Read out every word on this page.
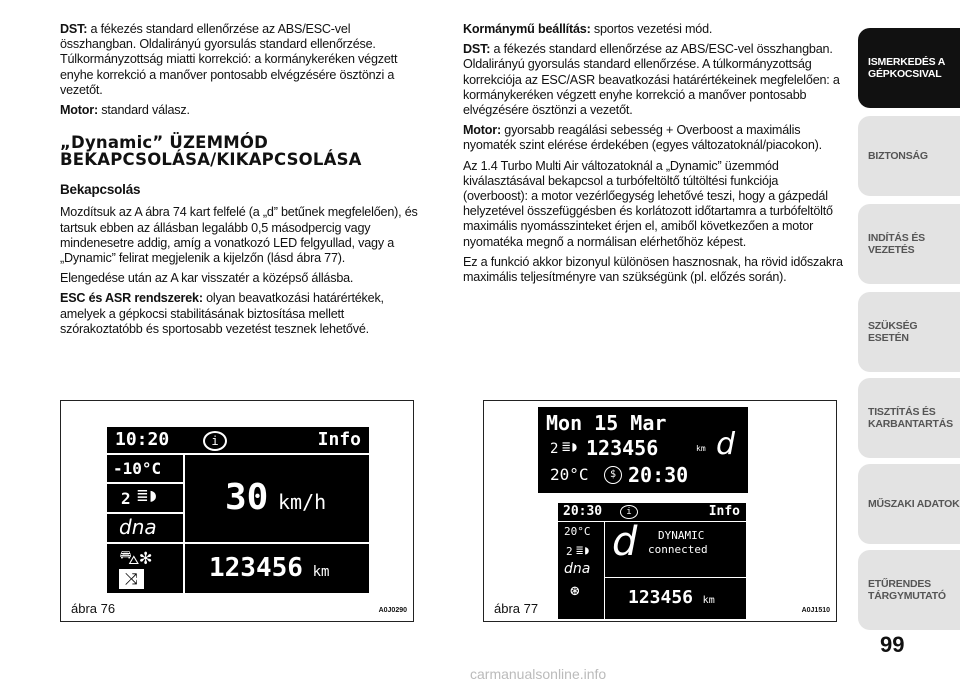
DST: a fékezés standard ellenőrzése az ABS/ESC-vel összhangban. Oldalirányú gyorsulás standard ellenőrzése. Túlkormányzottság miatti korrekció: a kormánykeréken végzett enyhe korrekció a manőver pontosabb elvégzésére ösztönzi a vezetőt.

Motor: standard válasz.

„Dynamic” ÜZEMMÓD BEKAPCSOLÁSA/KIKAPCSOLÁSA
Bekapcsolás

Mozdítsuk az A ábra 74 kart felfelé (a „d” betűnek megfelelően), és tartsuk ebben az állásban legalább 0,5 másodpercig vagy mindenesetre addig, amíg a vonatkozó LED felgyullad, vagy a „Dynamic” felirat megjelenik a kijelzőn (lásd ábra 77).

Elengedése után az A kar visszatér a középső állásba.

ESC és ASR rendszerek: olyan beavatkozási határértékek, amelyek a gépkocsi stabilitásának biztosítása mellett szórakoztatóbb és sportosabb vezetést tesznek lehetővé.

Kormánymű beállítás: sportos vezetési mód.

DST: a fékezés standard ellenőrzése az ABS/ESC-vel összhangban. Oldalirányú gyorsulás standard ellenőrzése. A túlkormányzottság korrekciója az ESC/ASR beavatkozási határértékeinek megfelelően: a kormánykeréken végzett enyhe korrekció a manőver pontosabb elvégzésére ösztönzi a vezetőt.

Motor: gyorsabb reagálási sebesség + Overboost a maximális nyomaték szint elérése érdekében (egyes változatoknál/piacokon).

Az 1.4 Turbo Multi Air változatoknál a „Dynamic” üzemmód kiválasztásával bekapcsol a turbófeltöltő túltöltési funkciója (overboost): a motor vezérlőegység lehetővé teszi, hogy a gázpedál helyzetével összefüggésben és korlátozott időtartamra a turbófeltöltő maximális nyomásszinteket érjen el, amiből következően a motor nyomatéka megnő a normálisan elérhetőhöz képest.

Ez a funkció akkor bizonyul különösen hasznosnak, ha rövid időszakra maximális teljesítményre van szükségünk (pl. előzés során).

10:20	i	Info
-10°C
2 ≣◗
dna
⛍✻
⤨
30 km/h
123456 km
ábra 76	A0J0290
Mon 15 Mar
2 ≣◗ 123456	km d
20°C	$ 20:30
20:30	i	Info
20°C
2 ≣◗
dna
⊛
d DYNAMIC
connected
123456 km
ábra 77	A0J1510
ISMERKEDÉS A GÉPKOCSIVAL
BIZTONSÁG
INDÍTÁS ÉS VEZETÉS
SZÜKSÉG ESETÉN
TISZTÍTÁS ÉS KARBANTARTÁS
MŰSZAKI ADATOK
ETŰRENDES TÁRGYMUTATÓ
99
carmanualsonline.info
